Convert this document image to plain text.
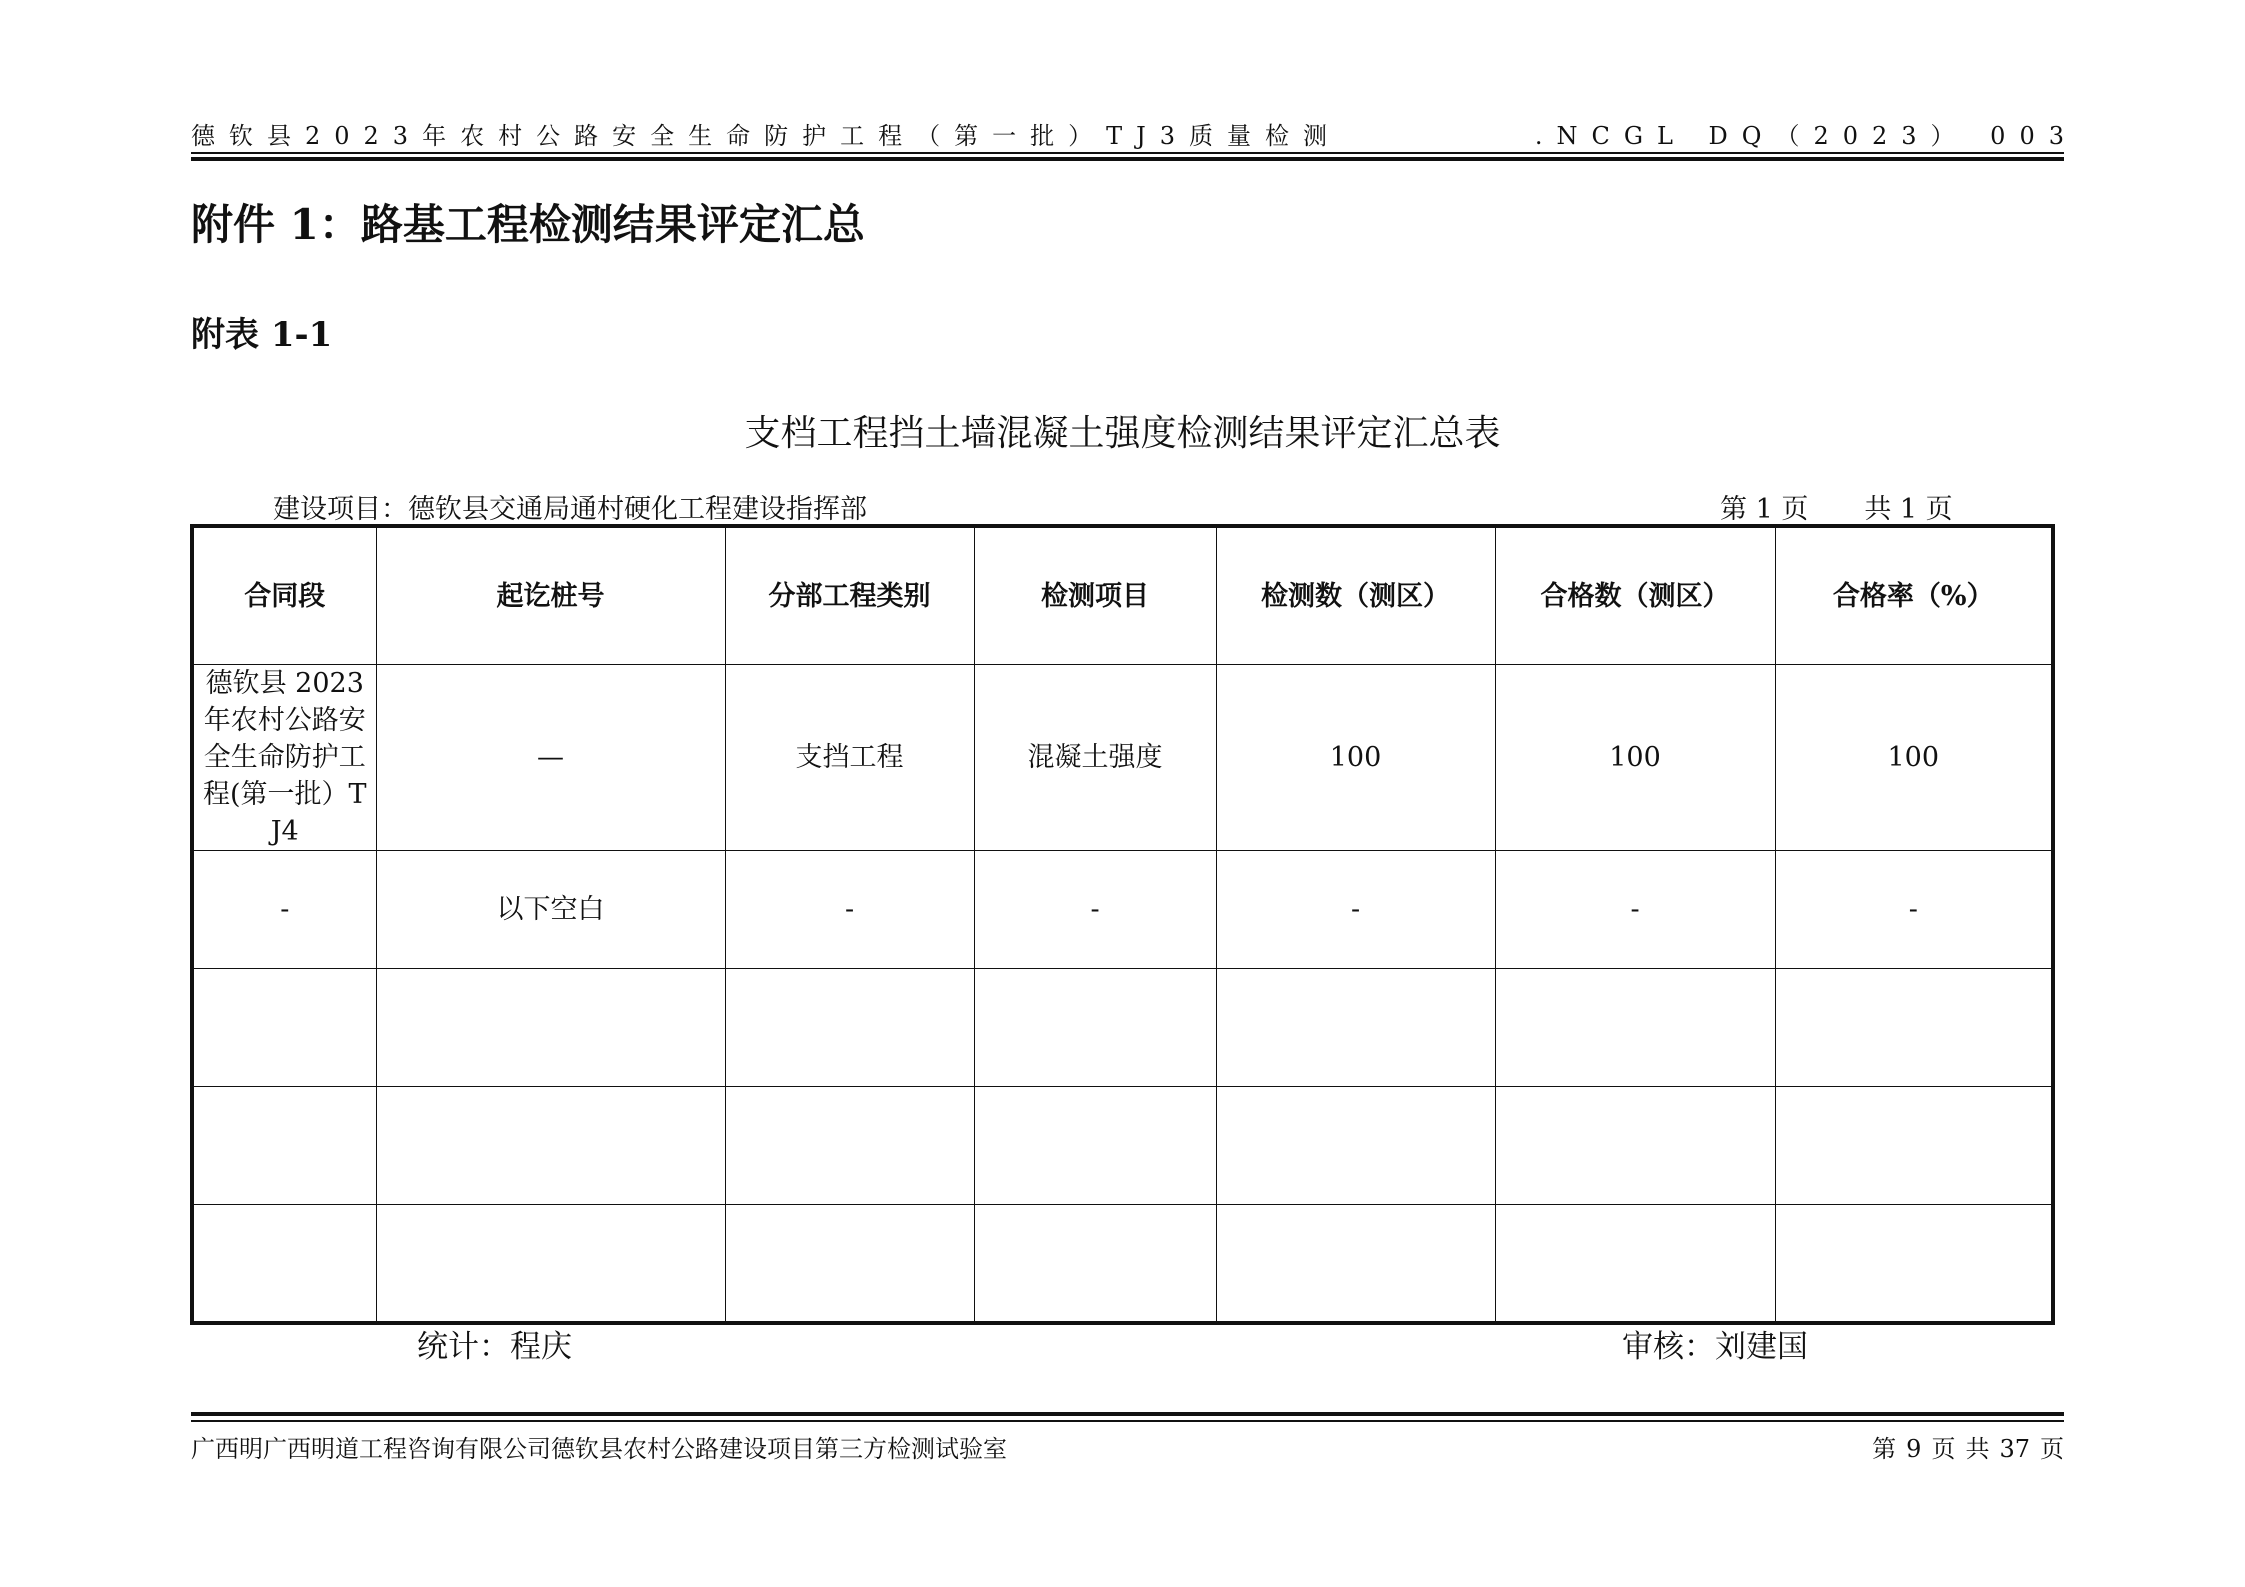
德钦县2023年农村公路安全生命防护工程（第一批）TJ3质量检测	.NCGL DQ（2023） 003
附件 1：路基工程检测结果评定汇总
附表 1-1
支档工程挡土墙混凝土强度检测结果评定汇总表
建设项目：德钦县交通局通村硬化工程建设指挥部	第 1 页 共 1 页
合同段	起讫桩号	分部工程类别	检测项目	检测数（测区）	合格数（测区）	合格率（%）
德钦县 2023 年农村公路安全生命防护工程(第一批）TJ4	—	支挡工程	混凝土强度	100	100	100
-	以下空白	-	-	-	-	-

统计：程庆	审核：刘建国
广西明广西明道工程咨询有限公司德钦县农村公路建设项目第三方检测试验室	第 9 页 共 37 页
